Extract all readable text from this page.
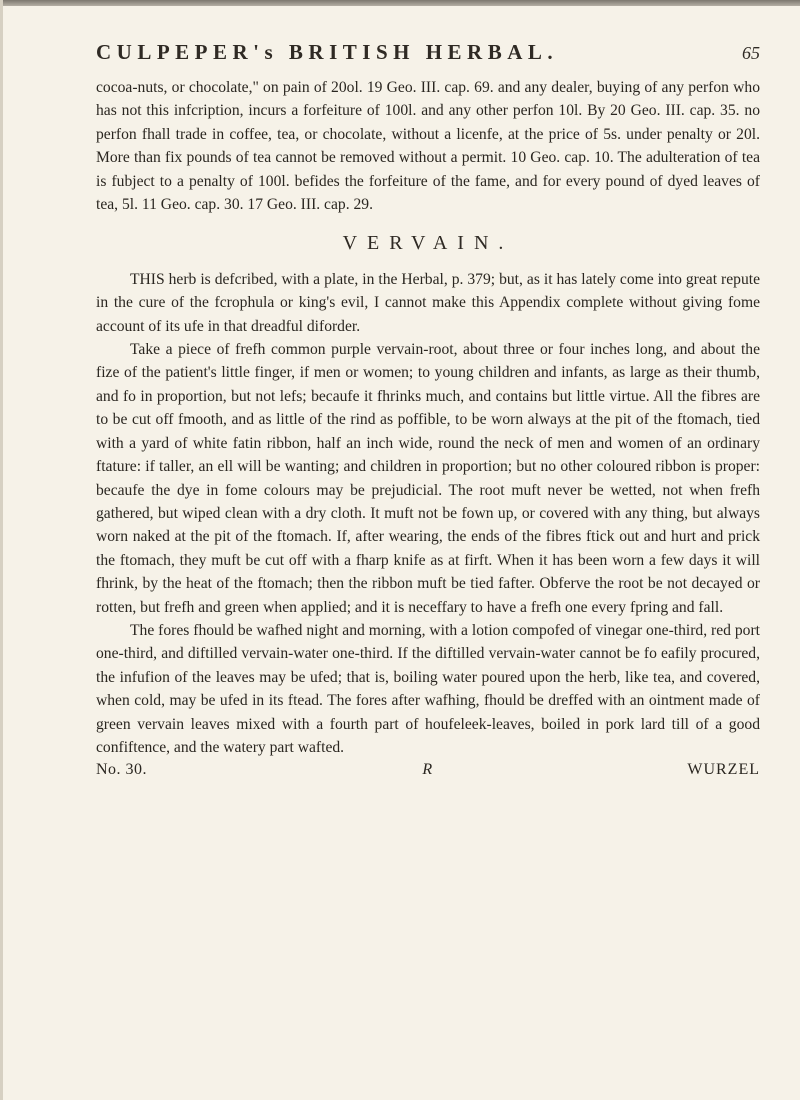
CULPEPER's BRITISH HERBAL.	65

cocoa-nuts, or chocolate," on pain of 20ol. 19 Geo. III. cap. 69. and any dealer, buying of any perfon who has not this infcription, incurs a forfeiture of 100l. and any other perfon 10l. By 20 Geo. III. cap. 35. no perfon fhall trade in coffee, tea, or chocolate, without a licenfe, at the price of 5s. under penalty or 20l. More than fix pounds of tea cannot be removed without a permit. 10 Geo. cap. 10. The adulteration of tea is fubject to a penalty of 100l. befides the forfeiture of the fame, and for every pound of dyed leaves of tea, 5l. 11 Geo. cap. 30. 17 Geo. III. cap. 29.

VERVAIN.

THIS herb is defcribed, with a plate, in the Herbal, p. 379; but, as it has lately come into great repute in the cure of the fcrophula or king's evil, I cannot make this Appendix complete without giving fome account of its ufe in that dreadful diforder.

Take a piece of frefh common purple vervain-root, about three or four inches long, and about the fize of the patient's little finger, if men or women; to young children and infants, as large as their thumb, and fo in proportion, but not lefs; becaufe it fhrinks much, and contains but little virtue. All the fibres are to be cut off fmooth, and as little of the rind as poffible, to be worn always at the pit of the ftomach, tied with a yard of white fatin ribbon, half an inch wide, round the neck of men and women of an ordinary ftature: if taller, an ell will be wanting; and children in proportion; but no other coloured ribbon is proper: becaufe the dye in fome colours may be prejudicial. The root muft never be wetted, not when frefh gathered, but wiped clean with a dry cloth. It muft not be fown up, or covered with any thing, but always worn naked at the pit of the ftomach. If, after wearing, the ends of the fibres ftick out and hurt and prick the ftomach, they muft be cut off with a fharp knife as at firft. When it has been worn a few days it will fhrink, by the heat of the ftomach; then the ribbon muft be tied fafter. Obferve the root be not decayed or rotten, but frefh and green when applied; and it is neceffary to have a frefh one every fpring and fall.

The fores fhould be wafhed night and morning, with a lotion compofed of vinegar one-third, red port one-third, and diftilled vervain-water one-third. If the diftilled vervain-water cannot be fo eafily procured, the infufion of the leaves may be ufed; that is, boiling water poured upon the herb, like tea, and covered, when cold, may be ufed in its ftead. The fores after wafhing, fhould be dreffed with an ointment made of green vervain leaves mixed with a fourth part of houfeleek-leaves, boiled in pork lard till of a good confiftence, and the watery part wafted.

No. 30.	R	WURZEL
